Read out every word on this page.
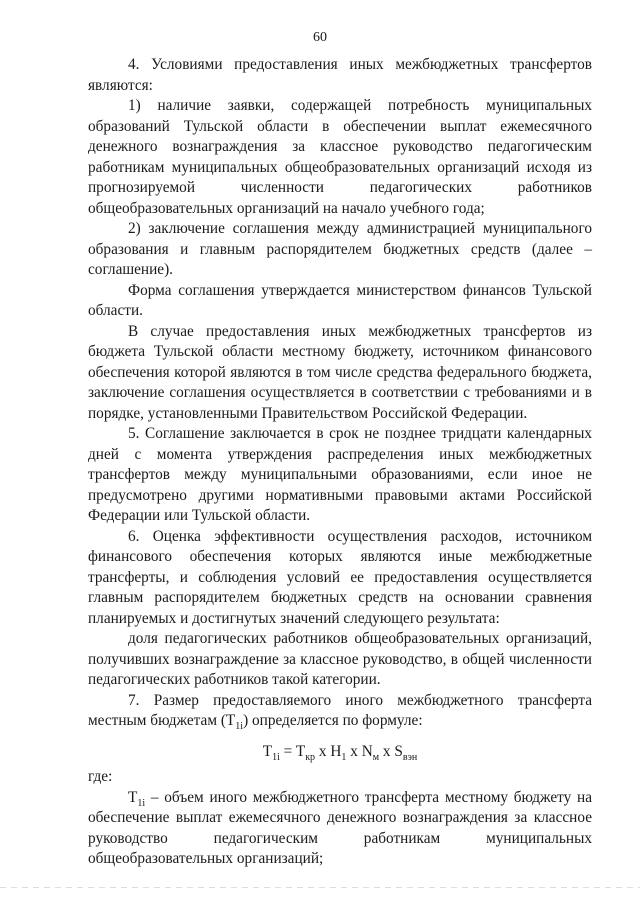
60

4. Условиями предоставления иных межбюджетных трансфертов являются:

1) наличие заявки, содержащей потребность муниципальных образований Тульской области в обеспечении выплат ежемесячного денежного вознаграждения за классное руководство педагогическим работникам муниципальных общеобразовательных организаций исходя из прогнозируемой численности педагогических работников общеобразовательных организаций на начало учебного года;

2) заключение соглашения между администрацией муниципального образования и главным распорядителем бюджетных средств (далее – соглашение).

Форма соглашения утверждается министерством финансов Тульской области.

В случае предоставления иных межбюджетных трансфертов из бюджета Тульской области местному бюджету, источником финансового обеспечения которой являются в том числе средства федерального бюджета, заключение соглашения осуществляется в соответствии с требованиями и в порядке, установленными Правительством Российской Федерации.

5. Соглашение заключается в срок не позднее тридцати календарных дней с момента утверждения распределения иных межбюджетных трансфертов между муниципальными образованиями, если иное не предусмотрено другими нормативными правовыми актами Российской Федерации или Тульской области.

6. Оценка эффективности осуществления расходов, источником финансового обеспечения которых являются иные межбюджетные трансферты, и соблюдения условий ее предоставления осуществляется главным распорядителем бюджетных средств на основании сравнения планируемых и достигнутых значений следующего результата:

доля педагогических работников общеобразовательных организаций, получивших вознаграждение за классное руководство, в общей численности педагогических работников такой категории.

7. Размер предоставляемого иного межбюджетного трансферта местным бюджетам $(T_{1i})$ определяется по формуле:

$T_{1i} = T_{кр}$ x $H_1$ x $N_м$ x $S_{вэн}$

где:

$T_{1i}$ – объем иного межбюджетного трансферта местному бюджету на обеспечение выплат ежемесячного денежного вознаграждения за классное руководство педагогическим работникам муниципальных общеобразовательных организаций;
